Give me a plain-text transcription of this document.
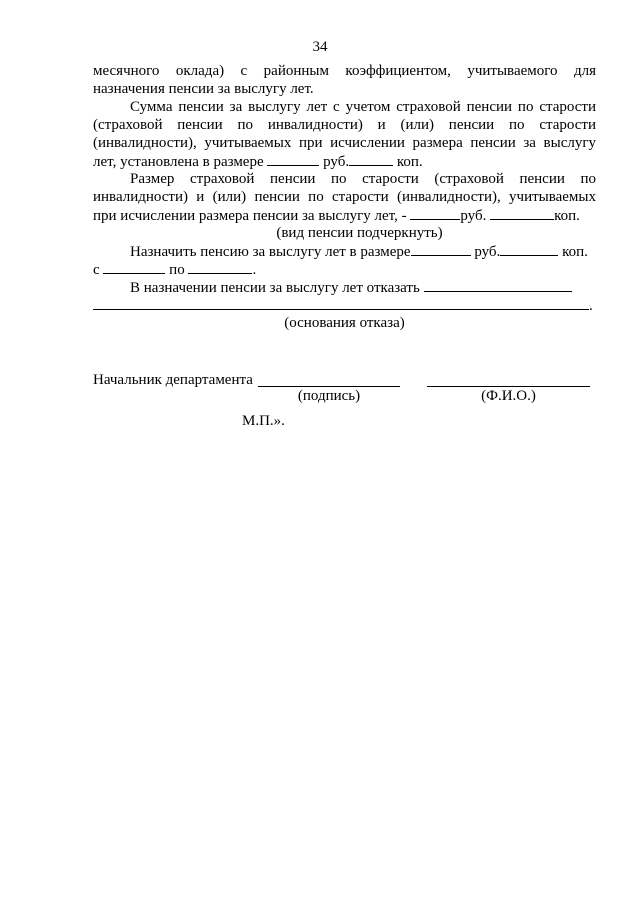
34
месячного оклада) с районным коэффициентом, учитываемого для
назначения пенсии за выслугу лет.
Сумма пенсии за выслугу лет с учетом страховой пенсии по старости
(страховой пенсии по инвалидности) и (или) пенсии по старости
(инвалидности), учитываемых при исчислении размера пенсии за выслугу
лет, установлена в размере	руб.	коп.
Размер страховой пенсии по старости (страховой пенсии по
инвалидности) и (или) пенсии по старости (инвалидности), учитываемых
при исчислении размера пенсии за выслугу лет, -	руб.	коп.
(вид пенсии подчеркнуть)
Назначить пенсию за выслугу лет в размере	руб.	коп.
с	по	.
В назначении пенсии за выслугу лет отказать
.
(основания отказа)
Начальник департамента
(подпись)	(Ф.И.О.)
М.П.».
